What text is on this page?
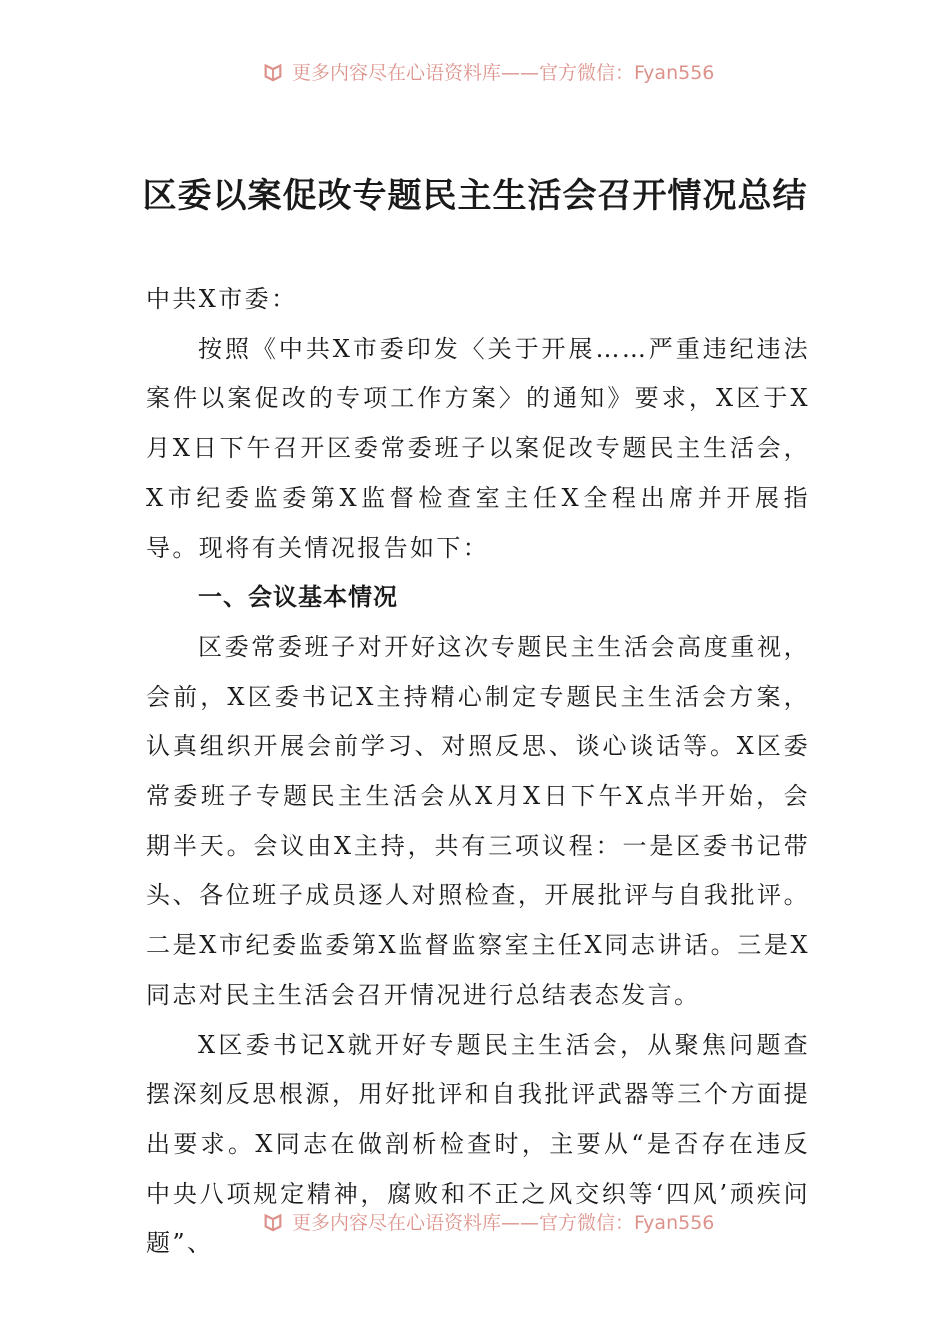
更多内容尽在心语资料库——官方微信：Fyan556
区委以案促改专题民主生活会召开情况总结

中共X市委：

按照《中共X市委印发〈关于开展……严重违纪违法案件以案促改的专项工作方案〉的通知》要求，X区于X月X日下午召开区委常委班子以案促改专题民主生活会，X市纪委监委第X监督检查室主任X全程出席并开展指导。现将有关情况报告如下：

一、会议基本情况

区委常委班子对开好这次专题民主生活会高度重视，会前，X区委书记X主持精心制定专题民主生活会方案，认真组织开展会前学习、对照反思、谈心谈话等。X区委常委班子专题民主生活会从X月X日下午X点半开始，会期半天。会议由X主持，共有三项议程：一是区委书记带头、各位班子成员逐人对照检查，开展批评与自我批评。二是X市纪委监委第X监督监察室主任X同志讲话。三是X同志对民主生活会召开情况进行总结表态发言。

X区委书记X就开好专题民主生活会，从聚焦问题查摆深刻反思根源，用好批评和自我批评武器等三个方面提出要求。X同志在做剖析检查时，主要从“是否存在违反中央八项规定精神，腐败和不正之风交织等‘四风’顽疾问题”、

更多内容尽在心语资料库——官方微信：Fyan556
